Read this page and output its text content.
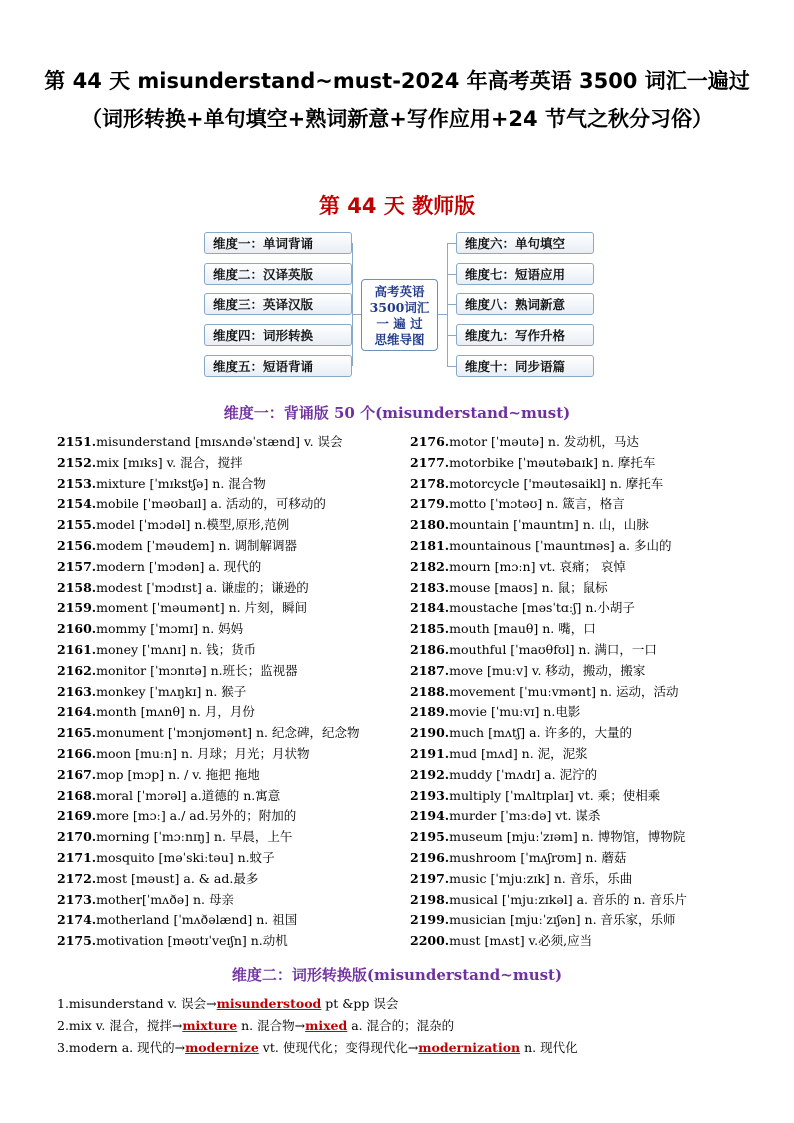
第 44 天 misunderstand~must-2024 年高考英语 3500 词汇一遍过（词形转换+单句填空+熟词新意+写作应用+24 节气之秋分习俗）
第 44 天 教师版
维度一：单词背诵
维度二：汉译英版
维度三：英译汉版
维度四：词形转换
维度五：短语背诵
高考英语
3500词汇
一 遍 过
思维导图
维度六：单句填空
维度七：短语应用
维度八：熟词新意
维度九：写作升格
维度十：同步语篇
维度一：背诵版 50 个(misunderstand~must)
2151.misunderstand [mɪsʌndəˈstænd] v. 误会
2152.mix [mɪks] v. 混合，搅拌
2153.mixture [ˈmɪkstʃə] n. 混合物
2154.mobile [ˈməʊbaɪl] a. 活动的，可移动的
2155.model [ˈmɔdəl] n.模型,原形,范例
2156.modem [ˈməudem] n. 调制解调器
2157.modern [ˈmɔdən] a. 现代的
2158.modest [ˈmɔdɪst] a. 谦虚的；谦逊的
2159.moment [ˈməumənt] n. 片刻，瞬间
2160.mommy [ˈmɔmɪ] n. 妈妈
2161.money [ˈmʌnɪ] n. 钱；货币
2162.monitor [ˈmɔnɪtə] n.班长；监视器
2163.monkey [ˈmʌŋkɪ] n. 猴子
2164.month [mʌnθ] n. 月，月份
2165.monument [ˈmɔnjʊmənt] n. 纪念碑，纪念物
2166.moon [muːn] n. 月球；月光；月状物
2167.mop [mɔp] n. / v. 拖把 拖地
2168.moral [ˈmɔrəl] a.道德的 n.寓意
2169.more [mɔː] a./ ad.另外的；附加的
2170.morning [ˈmɔːnɪŋ] n. 早晨，上午
2171.mosquito [məˈskiːtəu] n.蚊子
2172.most [məust] a. & ad.最多
2173.mother[ˈmʌðə] n. 母亲
2174.motherland [ˈmʌðəlænd] n. 祖国
2175.motivation [məʊtɪˈveɪʃn] n.动机
2176.motor [ˈməutə] n. 发动机，马达
2177.motorbike [ˈməutəbaɪk] n. 摩托车
2178.motorcycle ['məutəsaikl] n. 摩托车
2179.motto [ˈmɔtəʊ] n. 箴言，格言
2180.mountain [ˈmauntɪn] n. 山，山脉
2181.mountainous [ˈmauntɪnəs] a. 多山的
2182.mourn [mɔːn] vt. 哀痛； 哀悼
2183.mouse [maʊs] n. 鼠；鼠标
2184.moustache [məsˈtɑːʃ] n.小胡子
2185.mouth [mauθ] n. 嘴，口
2186.mouthful [ˈmaʊθfʊl] n. 满口，一口
2187.move [muːv] v. 移动，搬动，搬家
2188.movement [ˈmuːvmənt] n. 运动，活动
2189.movie [ˈmuːvɪ] n.电影
2190.much [mʌtʃ] a. 许多的，大量的
2191.mud [mʌd] n. 泥，泥浆
2192.muddy [ˈmʌdɪ] a. 泥泞的
2193.multiply [ˈmʌltɪplaɪ] vt. 乘；使相乘
2194.murder [ˈmɜːdə] vt. 谋杀
2195.museum [mjuːˈzɪəm] n. 博物馆，博物院
2196.mushroom [ˈmʌʃrʊm] n. 蘑菇
2197.music [ˈmjuːzɪk] n. 音乐，乐曲
2198.musical [ˈmjuːzɪkəl] a. 音乐的 n. 音乐片
2199.musician [mjuːˈzɪʃən] n. 音乐家，乐师
2200.must [mʌst] v.必须,应当
维度二：词形转换版(misunderstand~must)
1.misunderstand v. 误会→misunderstood pt &pp 误会
2.mix v. 混合，搅拌→mixture n. 混合物→mixed a. 混合的；混杂的
3.modern a. 现代的→modernize vt. 使现代化；变得现代化→modernization n. 现代化
